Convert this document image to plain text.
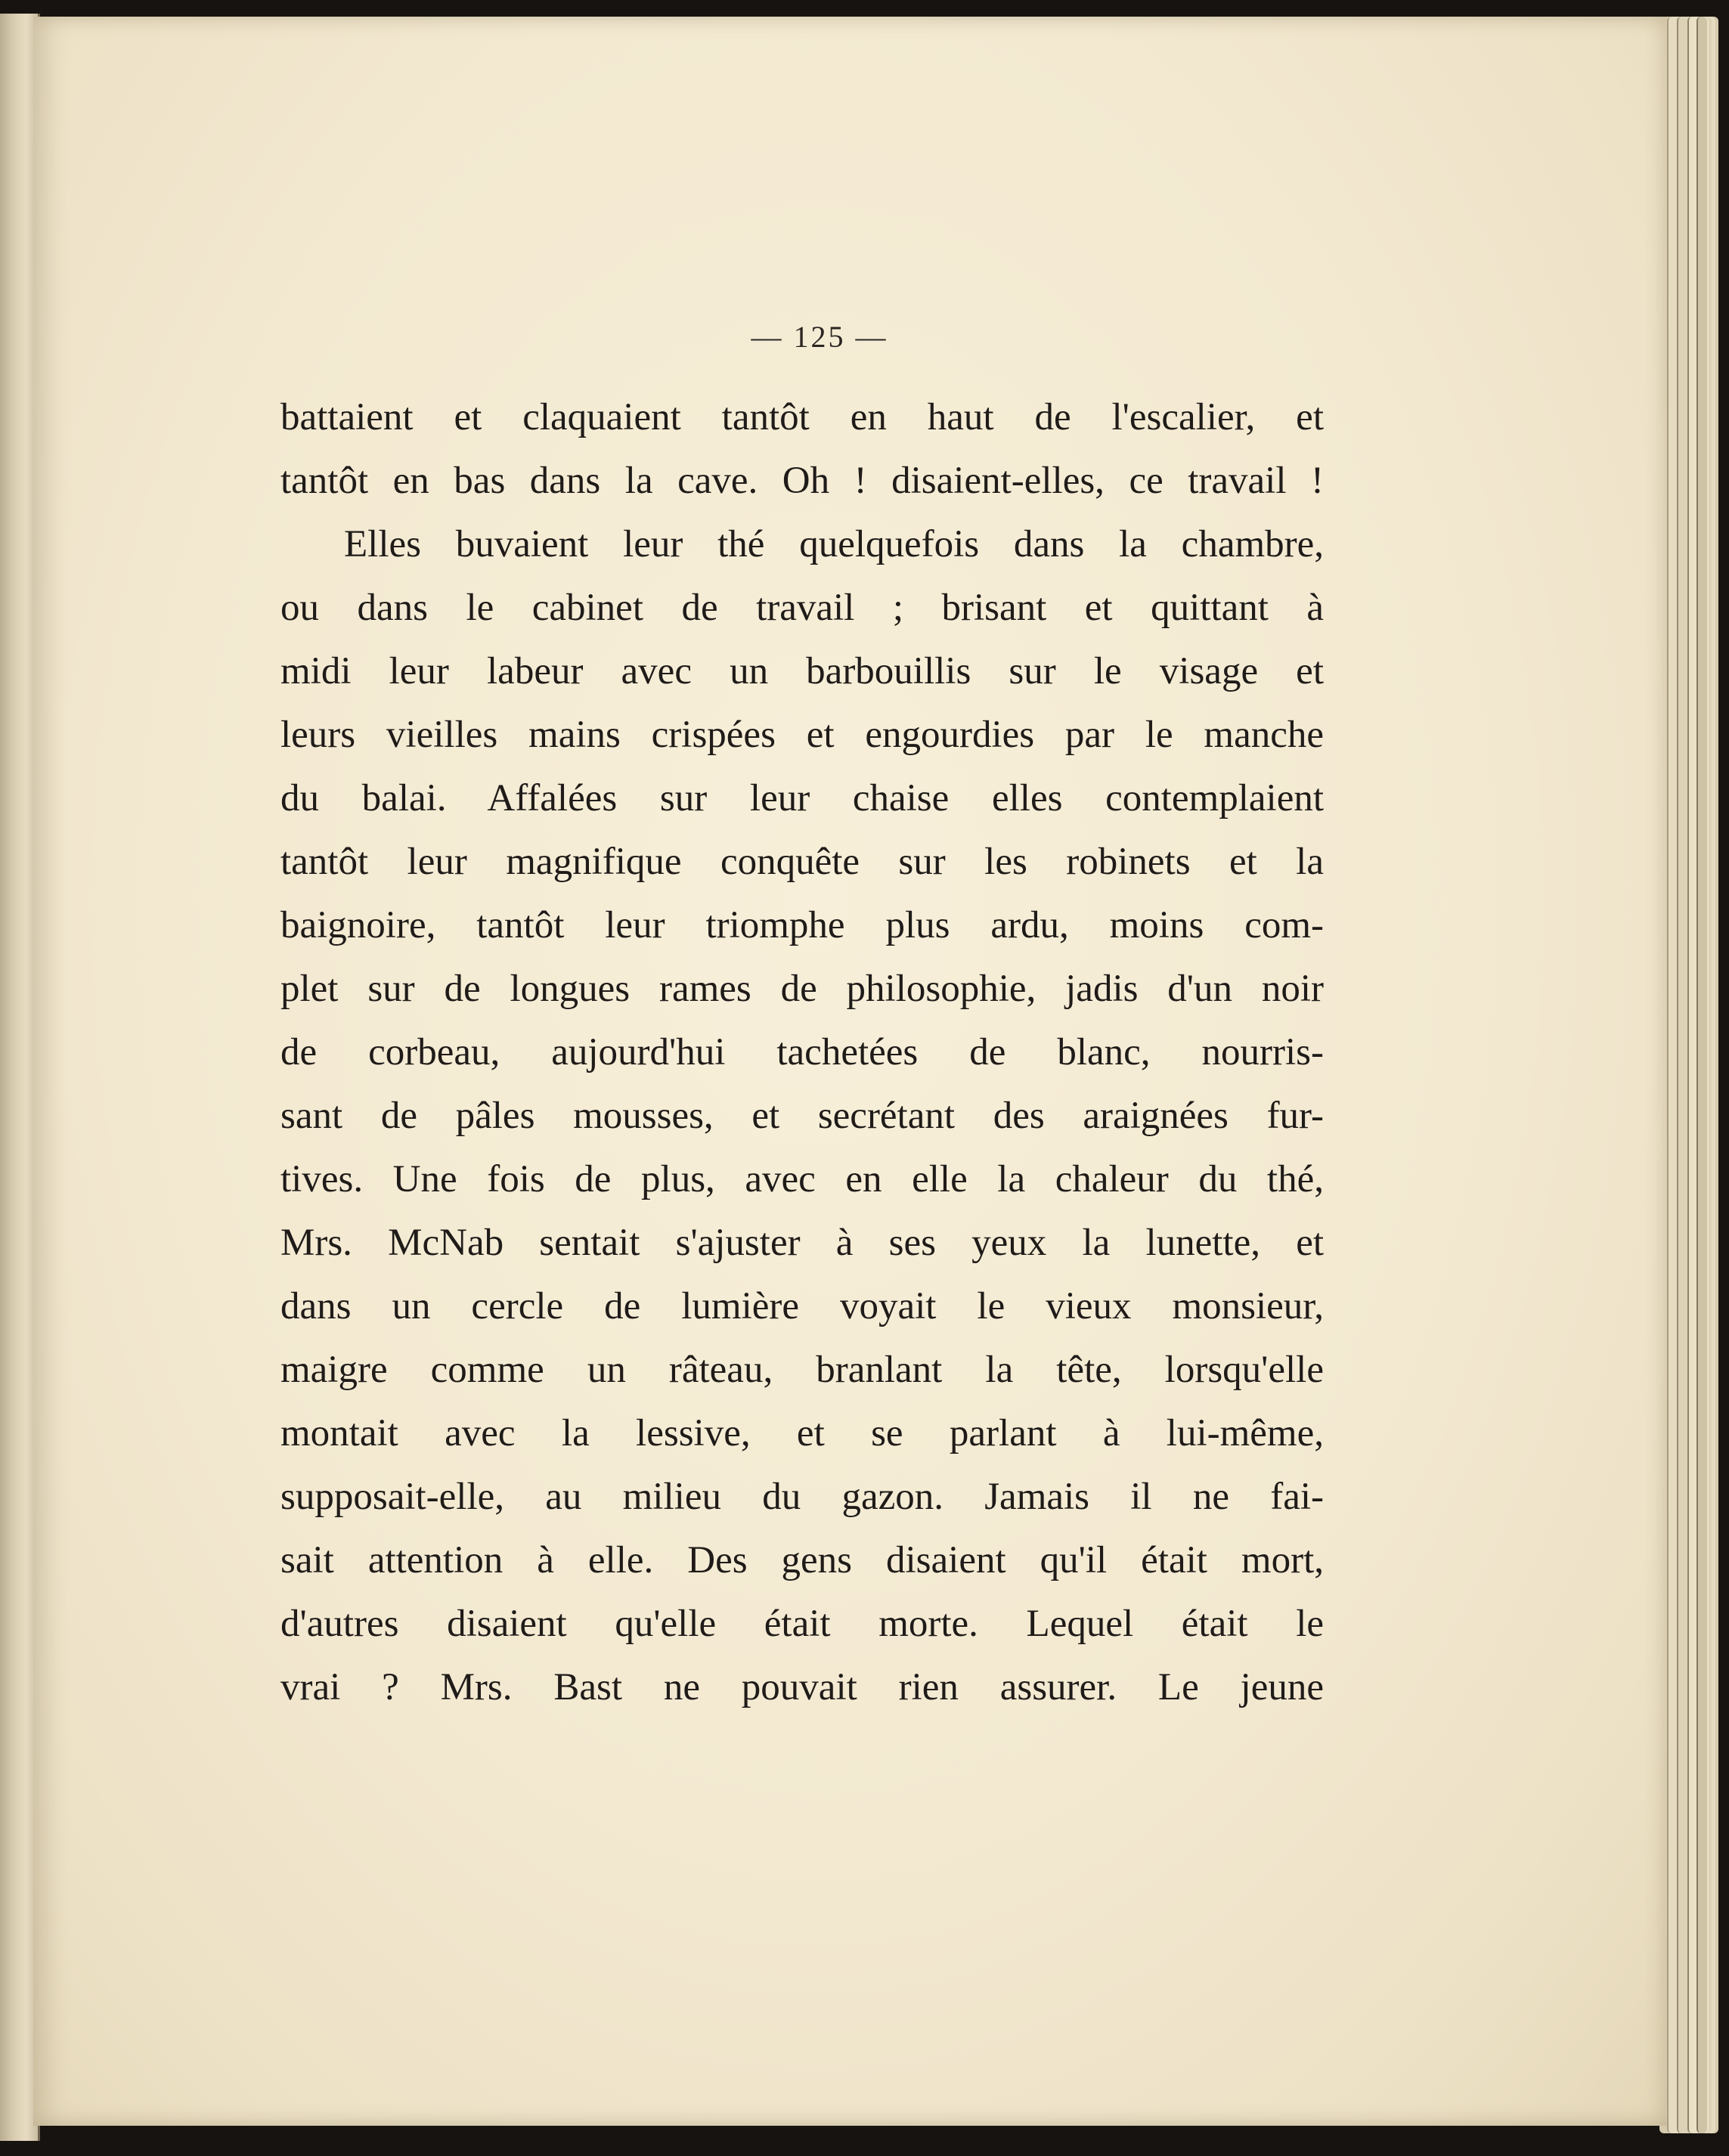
— 125 —
battaient et claquaient tantôt en haut de l'escalier, et
tantôt en bas dans la cave. Oh ! disaient-elles, ce travail !
Elles buvaient leur thé quelquefois dans la chambre,
ou dans le cabinet de travail ; brisant et quittant à
midi leur labeur avec un barbouillis sur le visage et
leurs vieilles mains crispées et engourdies par le manche
du balai. Affalées sur leur chaise elles contemplaient
tantôt leur magnifique conquête sur les robinets et la
baignoire, tantôt leur triomphe plus ardu, moins com-
plet sur de longues rames de philosophie, jadis d'un noir
de corbeau, aujourd'hui tachetées de blanc, nourris-
sant de pâles mousses, et secrétant des araignées fur-
tives. Une fois de plus, avec en elle la chaleur du thé,
Mrs. McNab sentait s'ajuster à ses yeux la lunette, et
dans un cercle de lumière voyait le vieux monsieur,
maigre comme un râteau, branlant la tête, lorsqu'elle
montait avec la lessive, et se parlant à lui-même,
supposait-elle, au milieu du gazon. Jamais il ne fai-
sait attention à elle. Des gens disaient qu'il était mort,
d'autres disaient qu'elle était morte. Lequel était le
vrai ? Mrs. Bast ne pouvait rien assurer. Le jeune
